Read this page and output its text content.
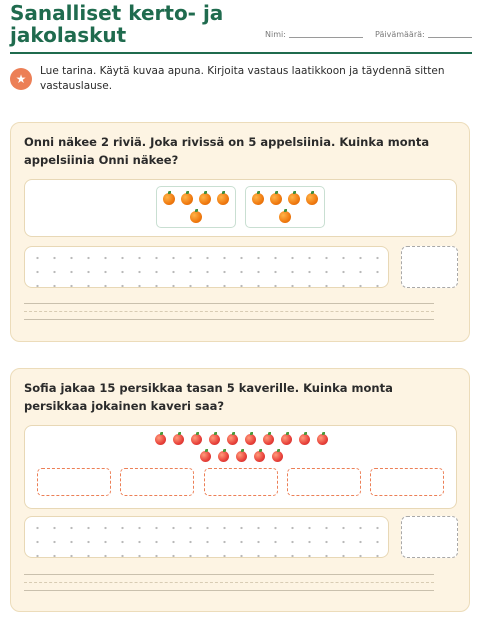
Sanalliset kerto- ja jakolaskut	Nimi:	Päivämäärä:
★
Lue tarina. Käytä kuvaa apuna. Kirjoita vastaus laatikkoon ja täydennä sitten vastauslause.
Onni näkee 2 riviä. Joka rivissä on 5 appelsiinia. Kuinka monta appelsiinia Onni näkee?
Sofia jakaa 15 persikkaa tasan 5 kaverille. Kuinka monta persikkaa jokainen kaveri saa?
